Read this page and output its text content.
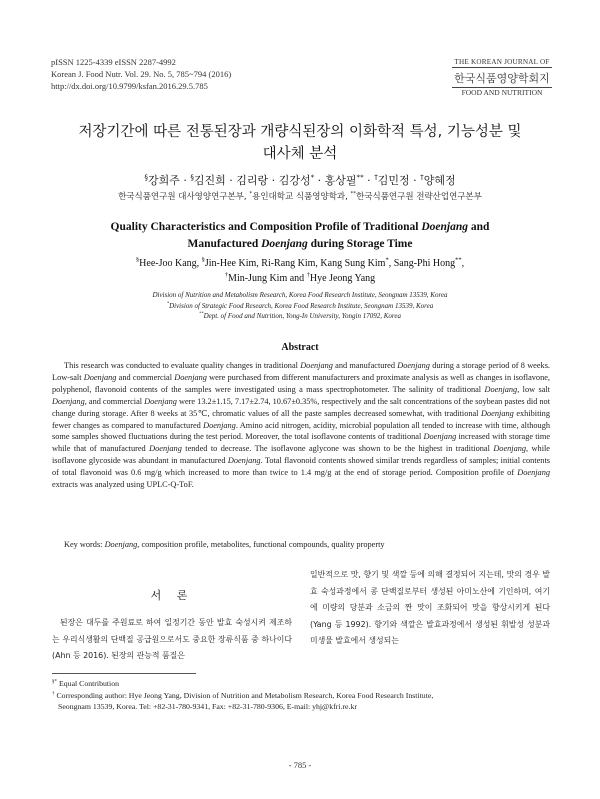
pISSN 1225-4339 eISSN 2287-4992
Korean J. Food Nutr. Vol. 29. No. 5, 785~794 (2016)
http://dx.doi.org/10.9799/ksfan.2016.29.5.785
THE KOREAN JOURNAL OF
한국식품영양학회지
FOOD AND NUTRITION
저장기간에 따른 전통된장과 개량식된장의 이화학적 특성, 기능성분 및
대사체 분석
§강희주 · §김진희 · 김리랑 · 김강성* · 홍상필** · †김민정 · †양혜정
한국식품연구원 대사영양연구본부, *용인대학교 식품영양학과, **한국식품연구원 전략산업연구본부
Quality Characteristics and Composition Profile of Traditional Doenjang and
Manufactured Doenjang during Storage Time
§Hee-Joo Kang, §Jin-Hee Kim, Ri-Rang Kim, Kang Sung Kim*, Sang-Phi Hong**,
†Min-Jung Kim and †Hye Jeong Yang
Division of Nutrition and Metabolism Research, Korea Food Research Institute, Seongnam 13539, Korea
*Division of Strategic Food Research, Korea Food Research Institute, Seongnam 13539, Korea
**Dept. of Food and Nutrition, Yong-In University, Yongin 17092, Korea
Abstract

This research was conducted to evaluate quality changes in traditional Doenjang and manufactured Doenjang during a storage period of 8 weeks. Low-salt Doenjang and commercial Doenjang were purchased from different manufacturers and proximate analysis as well as changes in isoflavone, polyphenol, flavonoid contents of the samples were investigated using a mass spectrophotometer. The salinity of traditional Doenjang, low salt Doenjang, and commercial Doenjang were 13.2±1.15, 7.17±2.74, 10.67±0.35%, respectively and the salt concentrations of the soybean pastes did not change during storage. After 8 weeks at 35℃, chromatic values of all the paste samples decreased somewhat, with traditional Doenjang exhibiting fewer changes as compared to manufactured Doenjang. Amino acid nitrogen, acidity, microbial population all tended to increase with time, although some samples showed fluctuations during the test period. Moreover, the total isoflavone contents of traditional Doenjang increased with storage time while that of manufactured Doenjang tended to decrease. The isoflavone aglycone was shown to be the highest in traditional Doenjang, while isoflavone glycoside was abundant in manufactured Doenjang. Total flavonoid contents showed similar trends regardless of samples; initial contents of total flavonoid was 0.6 mg/g which increased to more than twice to 1.4 mg/g at the end of storage period. Composition profile of Doenjang extracts was analyzed using UPLC-Q-ToF.

Key words: Doenjang, composition profile, metabolites, functional compounds, quality property
서 론

된장은 대두를 주원료로 하여 일정기간 동안 발효 숙성시켜 제조하는 우리식생활의 단백질 공급원으로서도 중요한 장류식품 중 하나이다(Ahn 등 2016). 된장의 관능적 품질은

일반적으로 맛, 향기 및 색깔 등에 의해 결정되어 지는데, 맛의 경우 발효 숙성과정에서 콩 단백질로부터 생성된 아미노산에 기인하며, 여기에 미량의 당분과 소금의 짠 맛이 조화되어 맛을 향상시키게 된다(Yang 등 1992). 향기와 색깔은 발효과정에서 생성된 휘발성 성분과 미생물 발효에서 생성되는

§* Equal Contribution

† Corresponding author: Hye Jeong Yang, Division of Nutrition and Metabolism Research, Korea Food Research Institute,

Seongnam 13539, Korea. Tel: +82-31-780-9341, Fax: +82-31-780-9306, E-mail: yhj@kfri.re.kr

- 785 -
